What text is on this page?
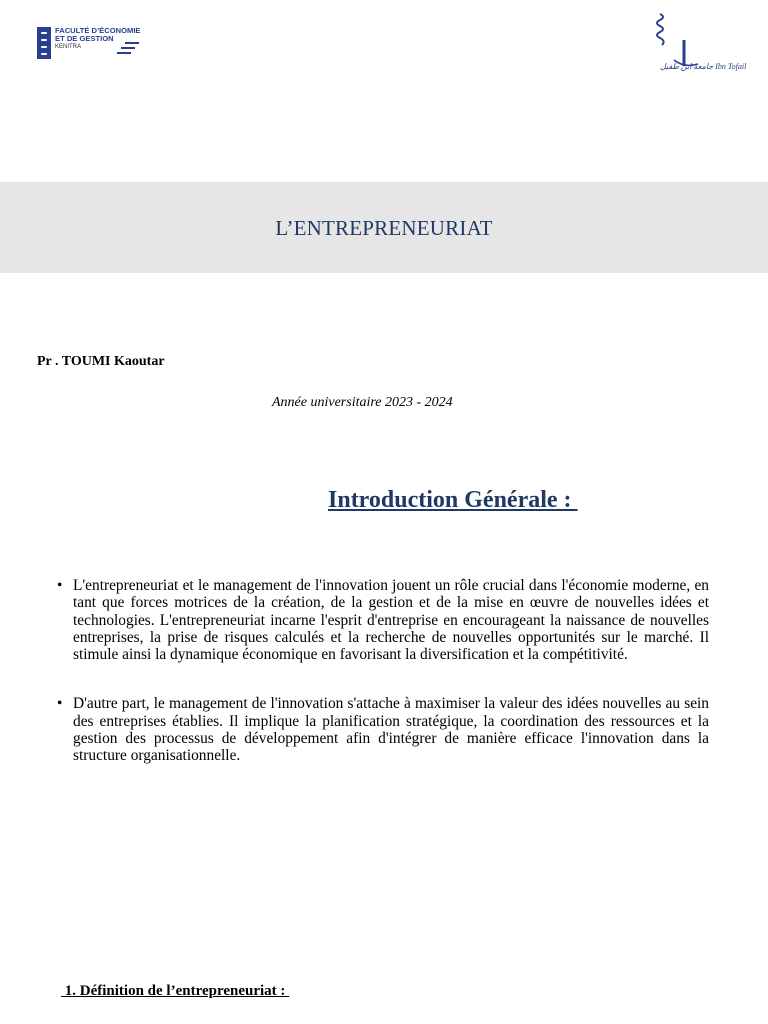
FACULTÉ D’ÉCONOMIE
ET DE GESTION
KENITRA
جامعة ابن طفيل Ibn Tofail
L’ENTREPRENEURIAT
Pr . TOUMI Kaoutar
Année universitaire 2023 - 2024
Introduction Générale :
• L'entrepreneuriat et le management de l'innovation jouent un rôle crucial dans l'économie moderne, en tant que forces motrices de la création, de la gestion et de la mise en œuvre de nouvelles idées et technologies. L'entrepreneuriat incarne l'esprit d'entreprise en encourageant la naissance de nouvelles entreprises, la prise de risques calculés et la recherche de nouvelles opportunités sur le marché. Il stimule ainsi la dynamique économique en favorisant la diversification et la compétitivité.
• D'autre part, le management de l'innovation s'attache à maximiser la valeur des idées nouvelles au sein des entreprises établies. Il implique la planification stratégique, la coordination des ressources et la gestion des processus de développement afin d'intégrer de manière efficace l'innovation dans la structure organisationnelle.
1. Définition de l’entrepreneuriat :
